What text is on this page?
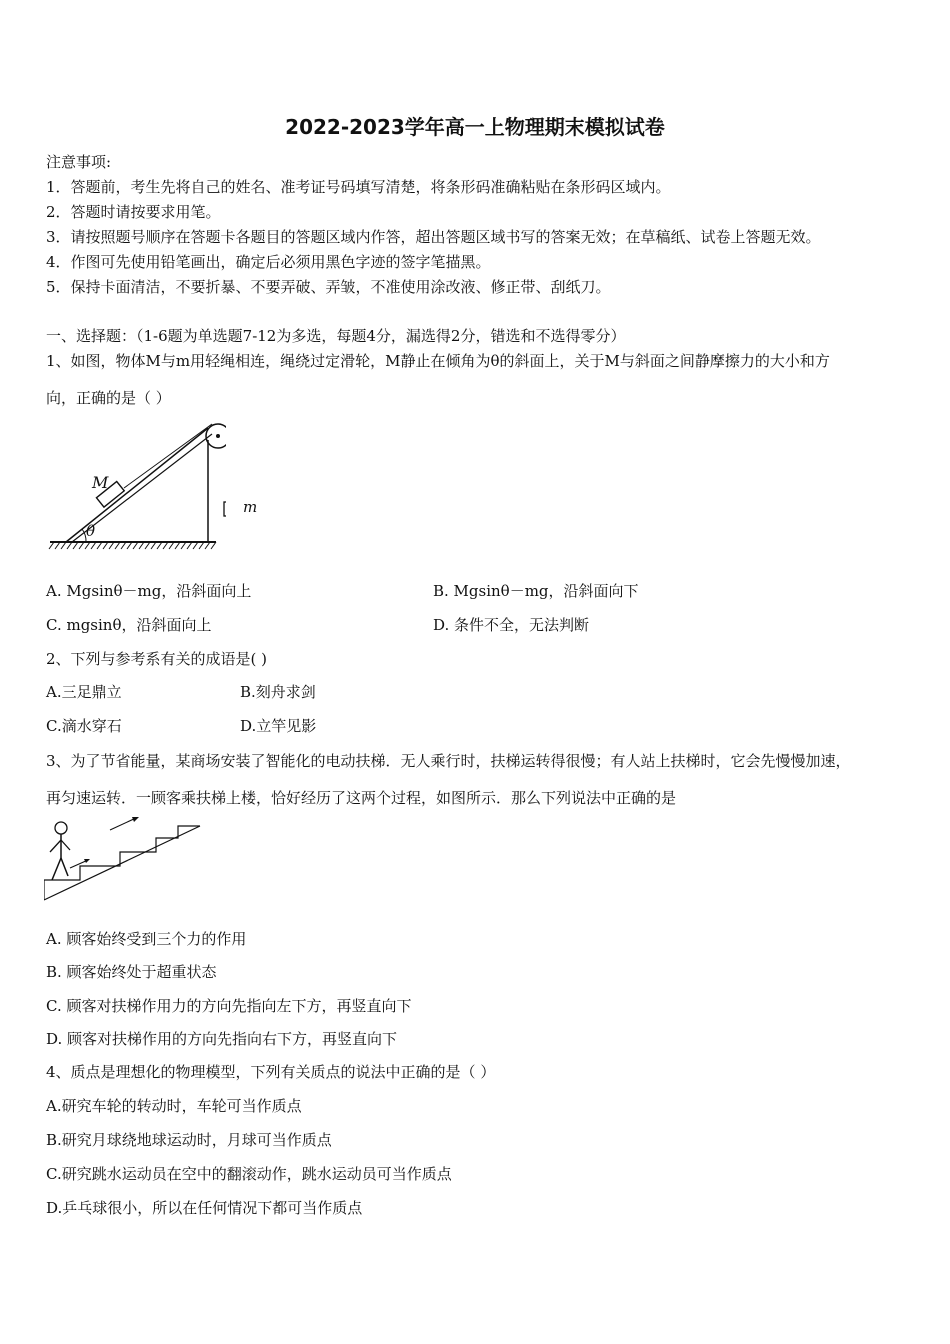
2022-2023学年高一上物理期末模拟试卷
注意事项:
1．答题前，考生先将自己的姓名、准考证号码填写清楚，将条形码准确粘贴在条形码区域内。
2．答题时请按要求用笔。
3．请按照题号顺序在答题卡各题目的答题区域内作答，超出答题区域书写的答案无效；在草稿纸、试卷上答题无效。
4．作图可先使用铅笔画出，确定后必须用黑色字迹的签字笔描黑。
5．保持卡面清洁，不要折暴、不要弄破、弄皱，不准使用涂改液、修正带、刮纸刀。
一、选择题：（1-6题为单选题7-12为多选，每题4分，漏选得2分，错选和不选得零分）
1、如图，物体M与m用轻绳相连，绳绕过定滑轮，M静止在倾角为θ的斜面上，关于M与斜面之间静摩擦力的大小和方
向，正确的是（ ）
M
m
θ
A. Mgsinθ－mg，沿斜面向上	B. Mgsinθ－mg，沿斜面向下
C. mgsinθ，沿斜面向上	D. 条件不全，无法判断
2、下列与参考系有关的成语是( )
A.三足鼎立	B.刻舟求剑
C.滴水穿石	D.立竿见影
3、为了节省能量，某商场安装了智能化的电动扶梯．无人乘行时，扶梯运转得很慢；有人站上扶梯时，它会先慢慢加速，
再匀速运转．一顾客乘扶梯上楼，恰好经历了这两个过程，如图所示．那么下列说法中正确的是
A. 顾客始终受到三个力的作用
B. 顾客始终处于超重状态
C. 顾客对扶梯作用力的方向先指向左下方，再竖直向下
D. 顾客对扶梯作用的方向先指向右下方，再竖直向下
4、质点是理想化的物理模型，下列有关质点的说法中正确的是（ ）
A.研究车轮的转动时，车轮可当作质点
B.研究月球绕地球运动时，月球可当作质点
C.研究跳水运动员在空中的翻滚动作，跳水运动员可当作质点
D.乒乓球很小，所以在任何情况下都可当作质点
